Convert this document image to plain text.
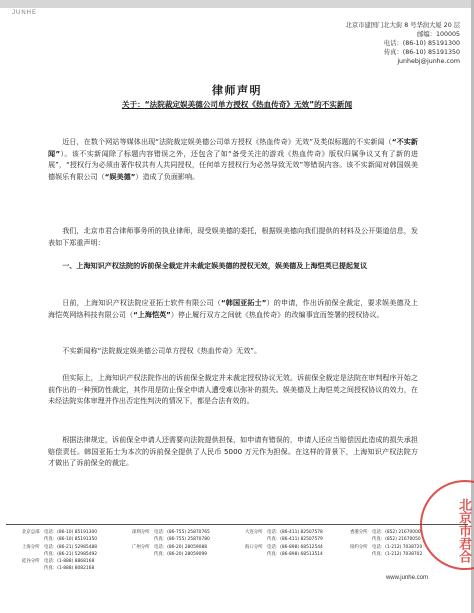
JUNHE
北京市建国门北大街 8 号华润大厦 20 层
邮编：100005
电话：(86-10) 85191300
传真：(86-10) 85191350
junhebj@junhe.com
律师声明
关于：“法院裁定娱美德公司单方授权《热血传奇》无效”的不实新闻
近日，在数个网站等媒体出现“法院裁定娱美德公司单方授权《热血传奇》无效”及类似标题的不实新闻（“不实新闻”）。该不实新闻除了标题内容错误之外，还包含了如“备受关注的游戏《热血传奇》版权归属争议又有了新的进展”，“授权行为必须由著作权共有人共同授权，任何单方授权行为必然导致无效”等错误内容。该不实新闻对韩国娱美德娱乐有限公司（“娱美德”）造成了负面影响。
我们，北京市君合律师事务所的执业律师，现受娱美德的委托，根据娱美德向我们提供的材料及公开渠道信息，发表如下郑重声明：
一、上海知识产权法院的诉前保全裁定并未裁定娱美德的授权无效，娱美德及上海恺英已提起复议
日前，上海知识产权法院应亚拓士软件有限公司（“韩国亚拓士”）的申请，作出诉前保全裁定，要求娱美德及上海恺英网络科技有限公司（“上海恺英”）停止履行双方之间就《热血传奇》的改编事宜而签署的授权协议。
不实新闻称“法院裁定娱美德公司单方授权《热血传奇》无效”。
但实际上，上海知识产权法院作出的诉前保全裁定并未裁定授权协议无效。诉前保全裁定是法院在审判程序开始之前作出的一种预防性裁定，其作用是防止保全申请人遭受难以弥补的损失。娱美德及上海恺英之间授权协议的效力，在未经法院实体审理并作出否定性判决的情况下，都是合法有效的。
根据法律规定，诉前保全申请人还需要向法院提供担保，如申请有错误的，申请人还应当赔偿因此造成的损失承担赔偿责任。韩国亚拓士为本次的诉前保全提供了人民币 5000 万元作为担保。在这样的背景下，上海知识产权法院方才做出了诉前保全的裁定。
北京市君合
北京总部　电话：(86-10) 85191300
　　　　　传真：(86-10) 85191350
上海分所　电话：(86-21) 52985488
　　　　　传真：(86-21) 52985492
硅谷分所　电话：(1-888) 8868168
　　　　　传真：(1-888) 8082168
深圳分所　电话：(86-755) 25870765
　　　　　传真：(86-755) 25870780
广州分所　电话：(86-20) 28059088
　　　　　传真：(86-20) 28059099
大连分所　电话：(86-411) 82507578
　　　　　传真：(86-411) 82507579
海口分所　电话：(86-898) 68512544
　　　　　传真：(86-898) 68513514
香港分所　电话：(852) 21670000
　　　　　传真：(852) 21670050
纽约分所　电话：(1-212) 7038720
　　　　　传真：(1-212) 7038702
www.junhe.com
